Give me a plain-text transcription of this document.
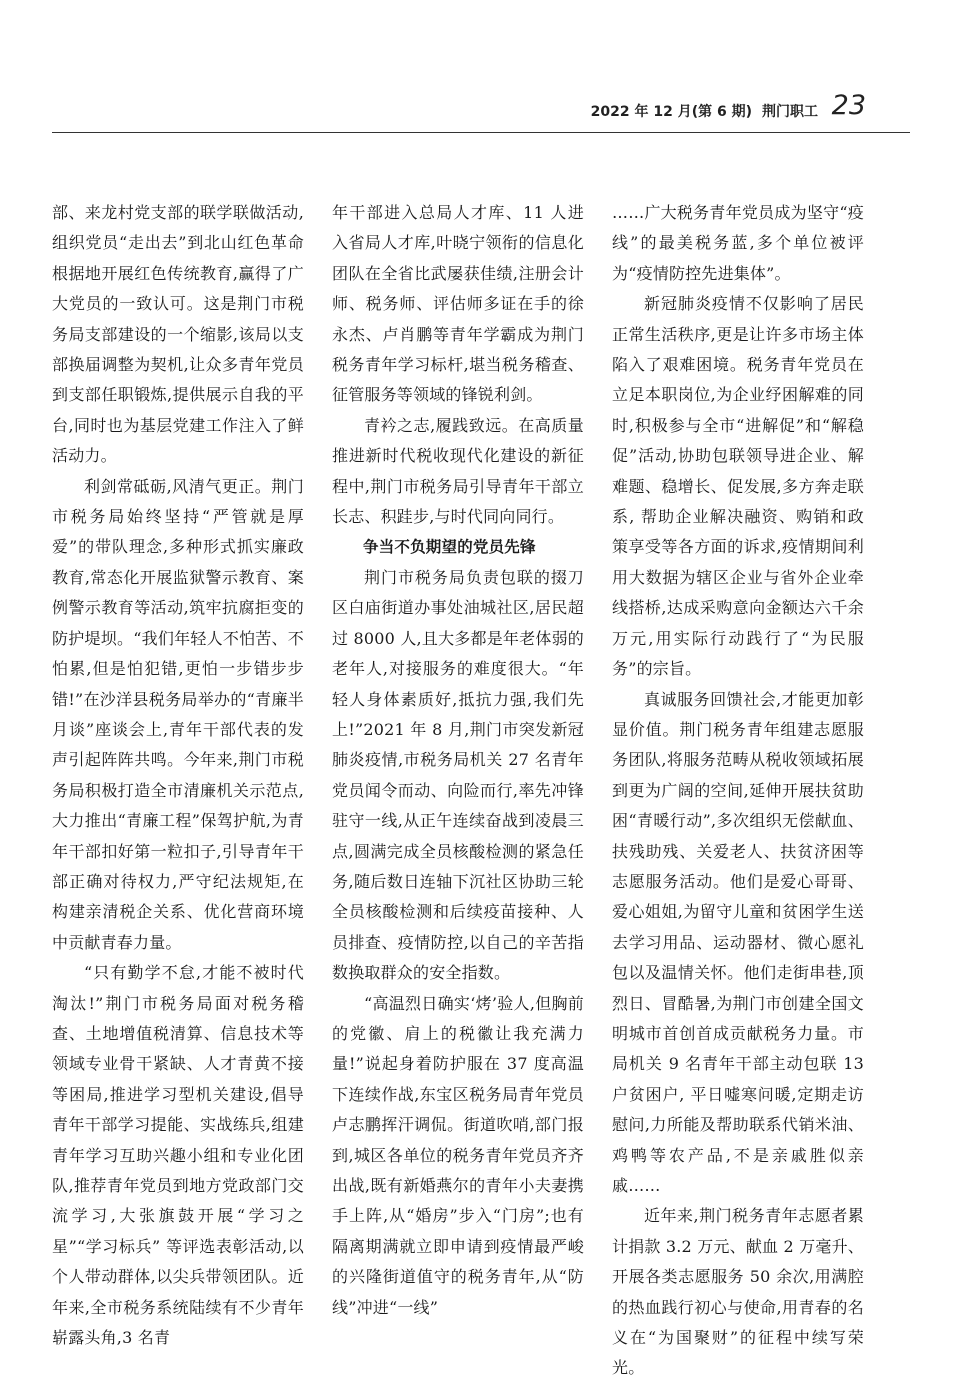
2022 年 12 月(第 6 期) 荆门职工 23

部、来龙村党支部的联学联做活动,组织党员“走出去”到北山红色革命根据地开展红色传统教育,赢得了广大党员的一致认可。这是荆门市税务局支部建设的一个缩影,该局以支部换届调整为契机,让众多青年党员到支部任职锻炼,提供展示自我的平台,同时也为基层党建工作注入了鲜活动力。

利剑常砥砺,风清气更正。荆门市税务局始终坚持“严管就是厚爱”的带队理念,多种形式抓实廉政教育,常态化开展监狱警示教育、案例警示教育等活动,筑牢抗腐拒变的防护堤坝。“我们年轻人不怕苦、不怕累,但是怕犯错,更怕一步错步步错!”在沙洋县税务局举办的“青廉半月谈”座谈会上,青年干部代表的发声引起阵阵共鸣。今年来,荆门市税务局积极打造全市清廉机关示范点,大力推出“青廉工程”保驾护航,为青年干部扣好第一粒扣子,引导青年干部正确对待权力,严守纪法规矩,在构建亲清税企关系、优化营商环境中贡献青春力量。

“只有勤学不怠,才能不被时代淘汰!”荆门市税务局面对税务稽查、土地增值税清算、信息技术等领域专业骨干紧缺、人才青黄不接等困局,推进学习型机关建设,倡导青年干部学习提能、实战练兵,组建青年学习互助兴趣小组和专业化团队,推荐青年党员到地方党政部门交流学习,大张旗鼓开展“学习之星”“学习标兵” 等评选表彰活动,以个人带动群体,以尖兵带领团队。近年来,全市税务系统陆续有不少青年崭露头角,3 名青

年干部进入总局人才库、11 人进入省局人才库,叶晓宁领衔的信息化团队在全省比武屡获佳绩,注册会计师、税务师、评估师多证在手的徐永杰、卢肖鹏等青年学霸成为荆门税务青年学习标杆,堪当税务稽查、征管服务等领域的锋锐利剑。

青衿之志,履践致远。在高质量推进新时代税收现代化建设的新征程中,荆门市税务局引导青年干部立长志、积跬步,与时代同向同行。

争当不负期望的党员先锋

荆门市税务局负责包联的掇刀区白庙街道办事处油城社区,居民超过 8000 人,且大多都是年老体弱的老年人,对接服务的难度很大。“年轻人身体素质好,抵抗力强,我们先上!”2021 年 8 月,荆门市突发新冠肺炎疫情,市税务局机关 27 名青年党员闻令而动、向险而行,率先冲锋驻守一线,从正午连续奋战到凌晨三点,圆满完成全员核酸检测的紧急任务,随后数日连轴下沉社区协助三轮全员核酸检测和后续疫苗接种、人员排查、疫情防控,以自己的辛苦指数换取群众的安全指数。

“高温烈日确实‘烤’验人,但胸前的党徽、肩上的税徽让我充满力量!”说起身着防护服在 37 度高温下连续作战,东宝区税务局青年党员卢志鹏挥汗调侃。街道吹哨,部门报到,城区各单位的税务青年党员齐齐出战,既有新婚燕尔的青年小夫妻携手上阵,从“婚房”步入“门房”;也有隔离期满就立即申请到疫情最严峻的兴隆街道值守的税务青年,从“防线”冲进“一线”

……广大税务青年党员成为坚守“疫线”的最美税务蓝,多个单位被评为“疫情防控先进集体”。

新冠肺炎疫情不仅影响了居民正常生活秩序,更是让许多市场主体陷入了艰难困境。税务青年党员在立足本职岗位,为企业纾困解难的同时,积极参与全市“进解促”和“解稳促”活动,协助包联领导进企业、解难题、稳增长、促发展,多方奔走联系, 帮助企业解决融资、购销和政策享受等各方面的诉求,疫情期间利用大数据为辖区企业与省外企业牵线搭桥,达成采购意向金额达六千余万元,用实际行动践行了“为民服务”的宗旨。

真诚服务回馈社会,才能更加彰显价值。荆门税务青年组建志愿服务团队,将服务范畴从税收领域拓展到更为广阔的空间,延伸开展扶贫助困“青暖行动”,多次组织无偿献血、扶残助残、关爱老人、扶贫济困等志愿服务活动。他们是爱心哥哥、爱心姐姐,为留守儿童和贫困学生送去学习用品、运动器材、微心愿礼包以及温情关怀。他们走街串巷,顶烈日、冒酷暑,为荆门市创建全国文明城市首创首成贡献税务力量。市局机关 9 名青年干部主动包联 13 户贫困户, 平日嘘寒问暖,定期走访慰问,力所能及帮助联系代销米油、鸡鸭等农产品,不是亲戚胜似亲戚……

近年来,荆门税务青年志愿者累计捐款 3.2 万元、献血 2 万毫升、开展各类志愿服务 50 余次,用满腔的热血践行初心与使命,用青春的名义在“为国聚财”的征程中续写荣光。
